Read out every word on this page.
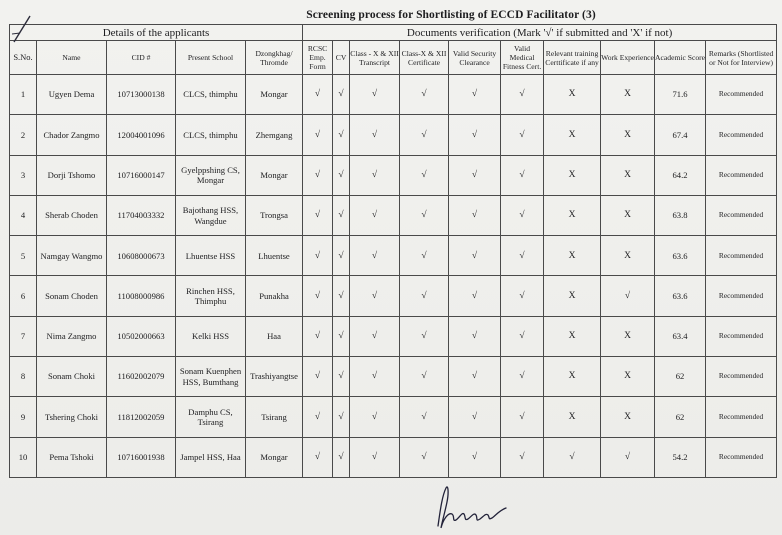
Screening process for Shortlisting of ECCD Facilitator (3)
Details of the applicants					Documents verification (Mark '√' if submitted and 'X' if not)									
S.No.	Name	CID #	Present School	Dzongkhag/ Thromde	RCSC Emp. Form	CV	Class - X & XII Transcript	Class-X & XII Certificate	Valid Security Clearance	Valid Medical Fitness Cert.	Relevant training Certtificate if any	Work Experience	Academic Score	Remarks (Shortlisted or Not for Interview)
1	Ugyen Dema	10713000138	CLCS, thimphu	Mongar	√	√	√	√	√	√	X	X	71.6	Recommended
2	Chador Zangmo	12004001096	CLCS, thimphu	Zhemgang	√	√	√	√	√	√	X	X	67.4	Recommended
3	Dorji Tshomo	10716000147	Gyelppshing CS, Mongar	Mongar	√	√	√	√	√	√	X	X	64.2	Recommended
4	Sherab Choden	11704003332	Bajothang HSS, Wangdue	Trongsa	√	√	√	√	√	√	X	X	63.8	Recommended
5	Namgay Wangmo	10608000673	Lhuentse HSS	Lhuentse	√	√	√	√	√	√	X	X	63.6	Recommended
6	Sonam Choden	11008000986	Rinchen HSS, Thimphu	Punakha	√	√	√	√	√	√	X	√	63.6	Recommended
7	Nima Zangmo	10502000663	Kelki HSS	Haa	√	√	√	√	√	√	X	X	63.4	Recommended
8	Sonam Choki	11602002079	Sonam Kuenphen HSS, Bumthang	Trashiyangtse	√	√	√	√	√	√	X	X	62	Recommended
9	Tshering Choki	11812002059	Damphu CS, Tsirang	Tsirang	√	√	√	√	√	√	X	X	62	Recommended
10	Pema Tshoki	10716001938	Jampel HSS, Haa	Mongar	√	√	√	√	√	√	√	√	54.2	Recommended
